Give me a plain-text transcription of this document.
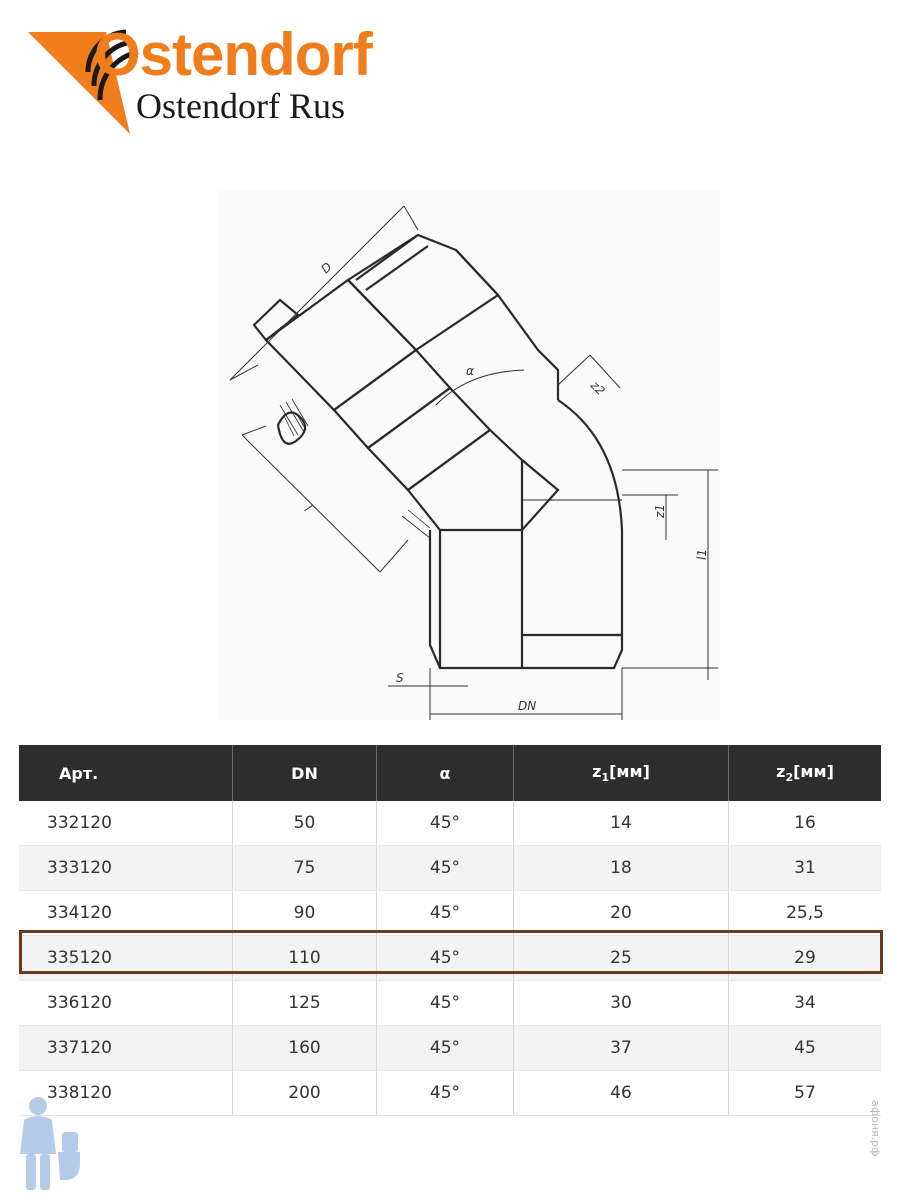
Ostendorf
Ostendorf Rus
D
α
z2
z1
l1
l
S
DN
Арт.	DN	α	$z_1[мм]$	$z_2[мм]$
332120	50	45°	14	16
333120	75	45°	18	31
334120	90	45°	20	25,5
335120	110	45°	25	29
336120	125	45°	30	34
337120	160	45°	37	45
338120	200	45°	46	57
афоня.рф
